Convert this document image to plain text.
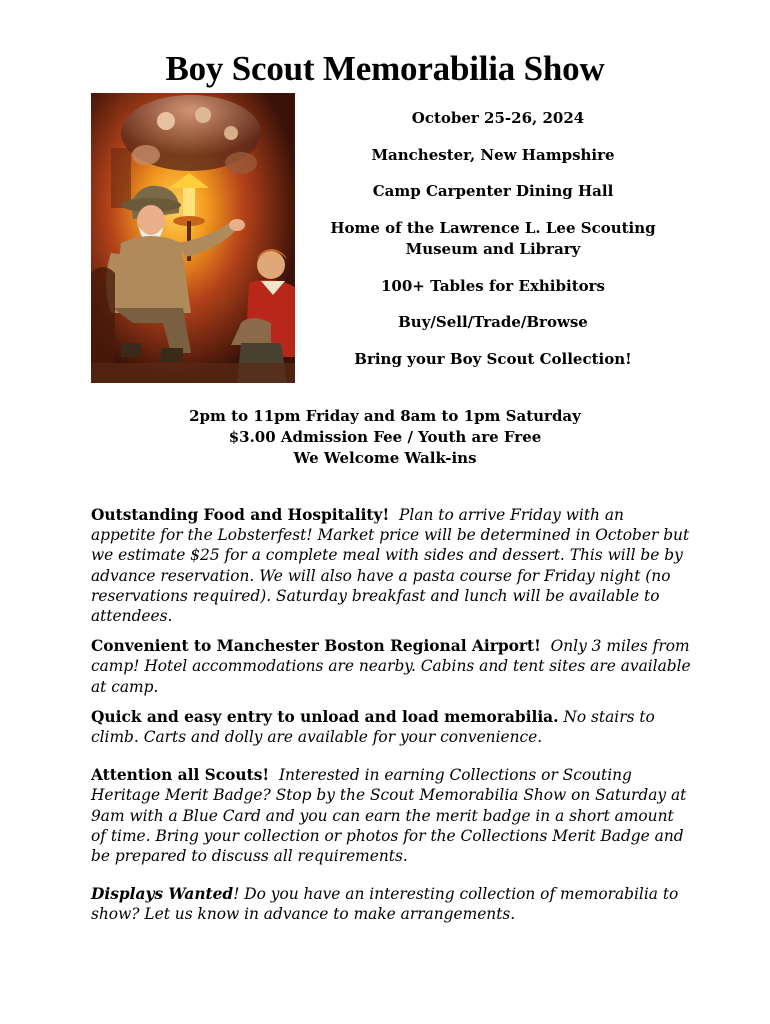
Boy Scout Memorabilia Show

October 25-26, 2024

Manchester, New Hampshire

Camp Carpenter Dining Hall

Home of the Lawrence L. Lee Scouting
Museum and Library

100+ Tables for Exhibitors

Buy/Sell/Trade/Browse

Bring your Boy Scout Collection!

2pm to 11pm Friday and 8am to 1pm Saturday
$3.00 Admission Fee / Youth are Free
We Welcome Walk-ins

Outstanding Food and Hospitality! Plan to arrive Friday with an appetite for the Lobsterfest! Market price will be determined in October but we estimate $25 for a complete meal with sides and dessert. This will be by advance reservation. We will also have a pasta course for Friday night (no reservations required). Saturday breakfast and lunch will be available to attendees.

Convenient to Manchester Boston Regional Airport! Only 3 miles from camp! Hotel accommodations are nearby. Cabins and tent sites are available at camp.

Quick and easy entry to unload and load memorabilia. No stairs to climb. Carts and dolly are available for your convenience.

Attention all Scouts! Interested in earning Collections or Scouting Heritage Merit Badge? Stop by the Scout Memorabilia Show on Saturday at 9am with a Blue Card and you can earn the merit badge in a short amount of time. Bring your collection or photos for the Collections Merit Badge and be prepared to discuss all requirements.

Displays Wanted! Do you have an interesting collection of memorabilia to show? Let us know in advance to make arrangements.
